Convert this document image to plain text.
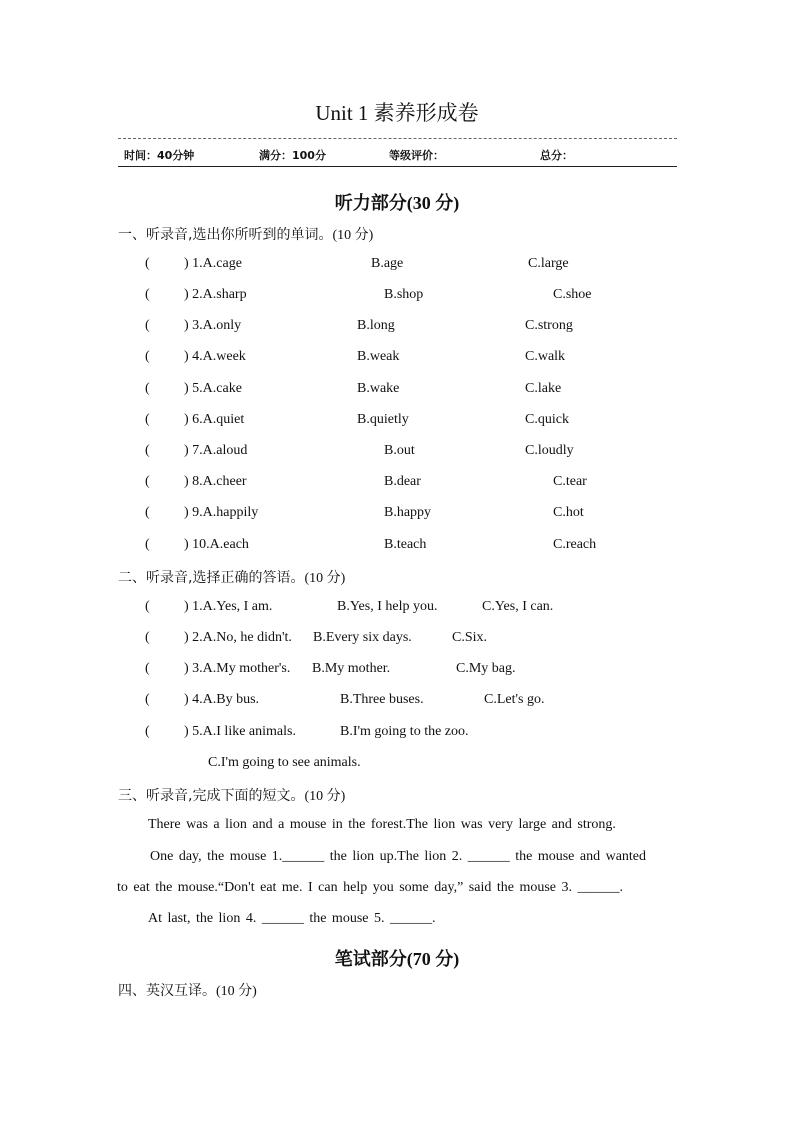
Unit 1 素养形成卷
时间：40分钟	满分：100分	等级评价：	总分：
听力部分(30 分)
一、听录音,选出你所听到的单词。(10 分)
( ) 1.A.cage	B.age	C.large
( ) 2.A.sharp	B.shop	C.shoe
( ) 3.A.only	B.long	C.strong
( ) 4.A.week	B.weak	C.walk
( ) 5.A.cake	B.wake	C.lake
( ) 6.A.quiet	B.quietly	C.quick
( ) 7.A.aloud	B.out	C.loudly
( ) 8.A.cheer	B.dear	C.tear
( ) 9.A.happily	B.happy	C.hot
( ) 10.A.each	B.teach	C.reach
二、听录音,选择正确的答语。(10 分)
( ) 1.A.Yes, I am.	B.Yes, I help you.	C.Yes, I can.
( ) 2.A.No, he didn't. B.Every six days.	C.Six.
( ) 3.A.My mother's. B.My mother.	C.My bag.
( ) 4.A.By bus.	B.Three buses.	C.Let's go.
( ) 5.A.I like animals.	B.I'm going to the zoo.
C.I'm going to see animals.
三、听录音,完成下面的短文。(10 分)
There was a lion and a mouse in the forest.The lion was very large and strong.
One day, the mouse 1.______ the lion up.The lion 2. ______ the mouse and wanted
to eat the mouse.“Don't eat me. I can help you some day,” said the mouse 3. ______.
At last, the lion 4. ______ the mouse 5. ______.
笔试部分(70 分)
四、英汉互译。(10 分)
